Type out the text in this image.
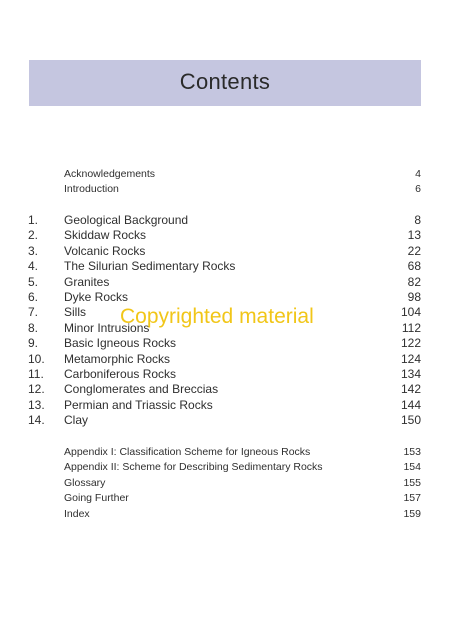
Contents
Acknowledgements	4
Introduction	6
1. Geological Background	8
2. Skiddaw Rocks	13
3. Volcanic Rocks	22
4. The Silurian Sedimentary Rocks	68
5. Granites	82
6. Dyke Rocks	98
7. Sills	104
8. Minor Intrusions	112
9. Basic Igneous Rocks	122
10. Metamorphic Rocks	124
11. Carboniferous Rocks	134
12. Conglomerates and Breccias	142
13. Permian and Triassic Rocks	144
14. Clay	150
Appendix I: Classification Scheme for Igneous Rocks	153
Appendix II: Scheme for Describing Sedimentary Rocks	154
Glossary	155
Going Further	157
Index	159
Copyrighted material
